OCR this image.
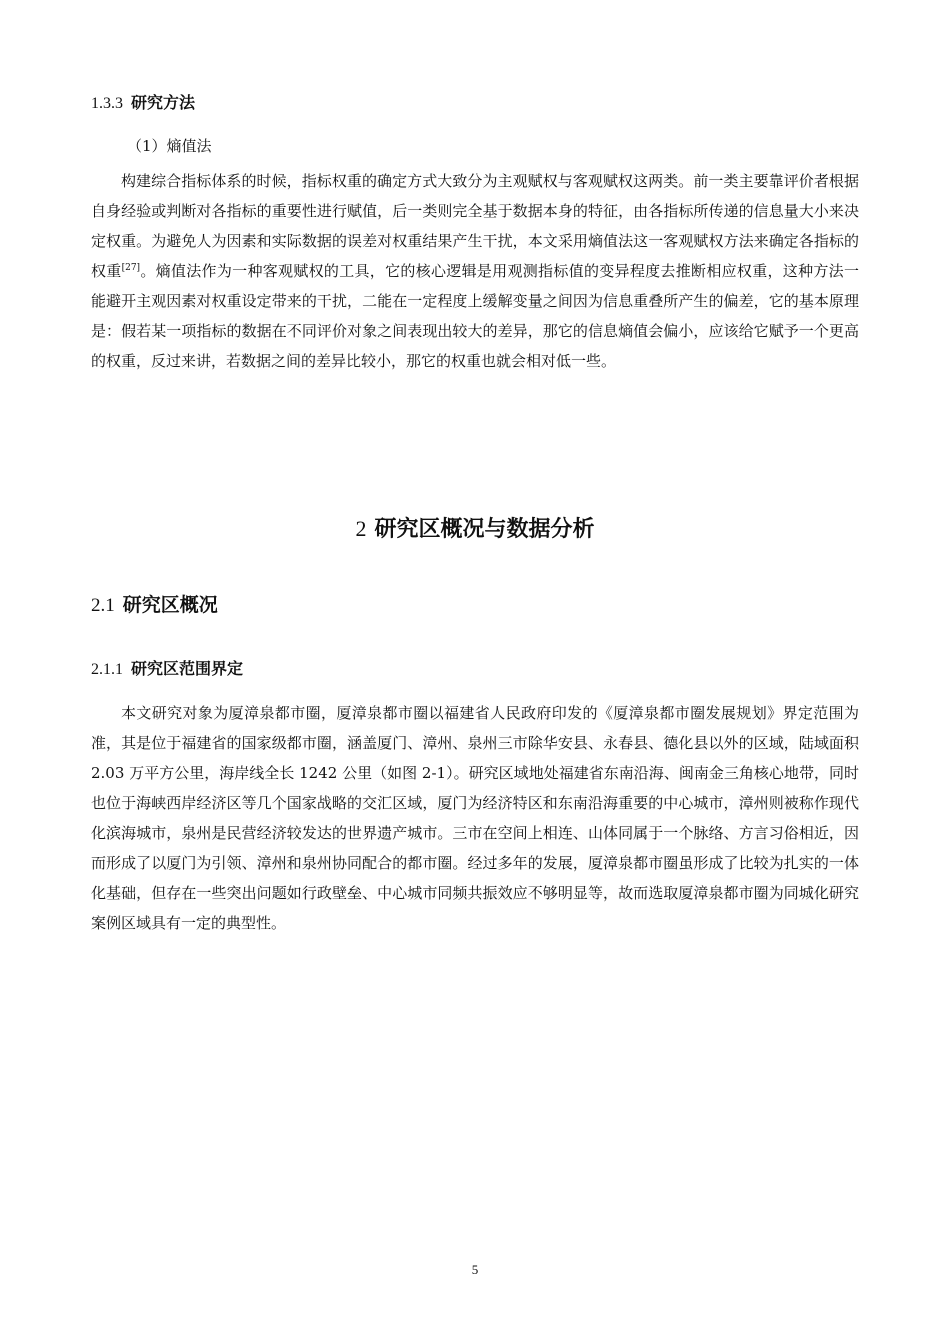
1.3.3 研究方法
（1）熵值法

构建综合指标体系的时候，指标权重的确定方式大致分为主观赋权与客观赋权这两类。前一类主要靠评价者根据自身经验或判断对各指标的重要性进行赋值，后一类则完全基于数据本身的特征，由各指标所传递的信息量大小来决定权重。为避免人为因素和实际数据的误差对权重结果产生干扰，本文采用熵值法这一客观赋权方法来确定各指标的权重[27]。熵值法作为一种客观赋权的工具，它的核心逻辑是用观测指标值的变异程度去推断相应权重，这种方法一能避开主观因素对权重设定带来的干扰，二能在一定程度上缓解变量之间因为信息重叠所产生的偏差，它的基本原理是：假若某一项指标的数据在不同评价对象之间表现出较大的差异，那它的信息熵值会偏小，应该给它赋予一个更高的权重，反过来讲，若数据之间的差异比较小，那它的权重也就会相对低一些。

2 研究区概况与数据分析
2.1 研究区概况
2.1.1 研究区范围界定

本文研究对象为厦漳泉都市圈，厦漳泉都市圈以福建省人民政府印发的《厦漳泉都市圈发展规划》界定范围为准，其是位于福建省的国家级都市圈，涵盖厦门、漳州、泉州三市除华安县、永春县、德化县以外的区域，陆域面积 2.03 万平方公里，海岸线全长 1242 公里（如图 2-1）。研究区域地处福建省东南沿海、闽南金三角核心地带，同时也位于海峡西岸经济区等几个国家战略的交汇区域，厦门为经济特区和东南沿海重要的中心城市，漳州则被称作现代化滨海城市，泉州是民营经济较发达的世界遗产城市。三市在空间上相连、山体同属于一个脉络、方言习俗相近，因而形成了以厦门为引领、漳州和泉州协同配合的都市圈。经过多年的发展，厦漳泉都市圈虽形成了比较为扎实的一体化基础，但存在一些突出问题如行政壁垒、中心城市同频共振效应不够明显等，故而选取厦漳泉都市圈为同城化研究案例区域具有一定的典型性。

5
